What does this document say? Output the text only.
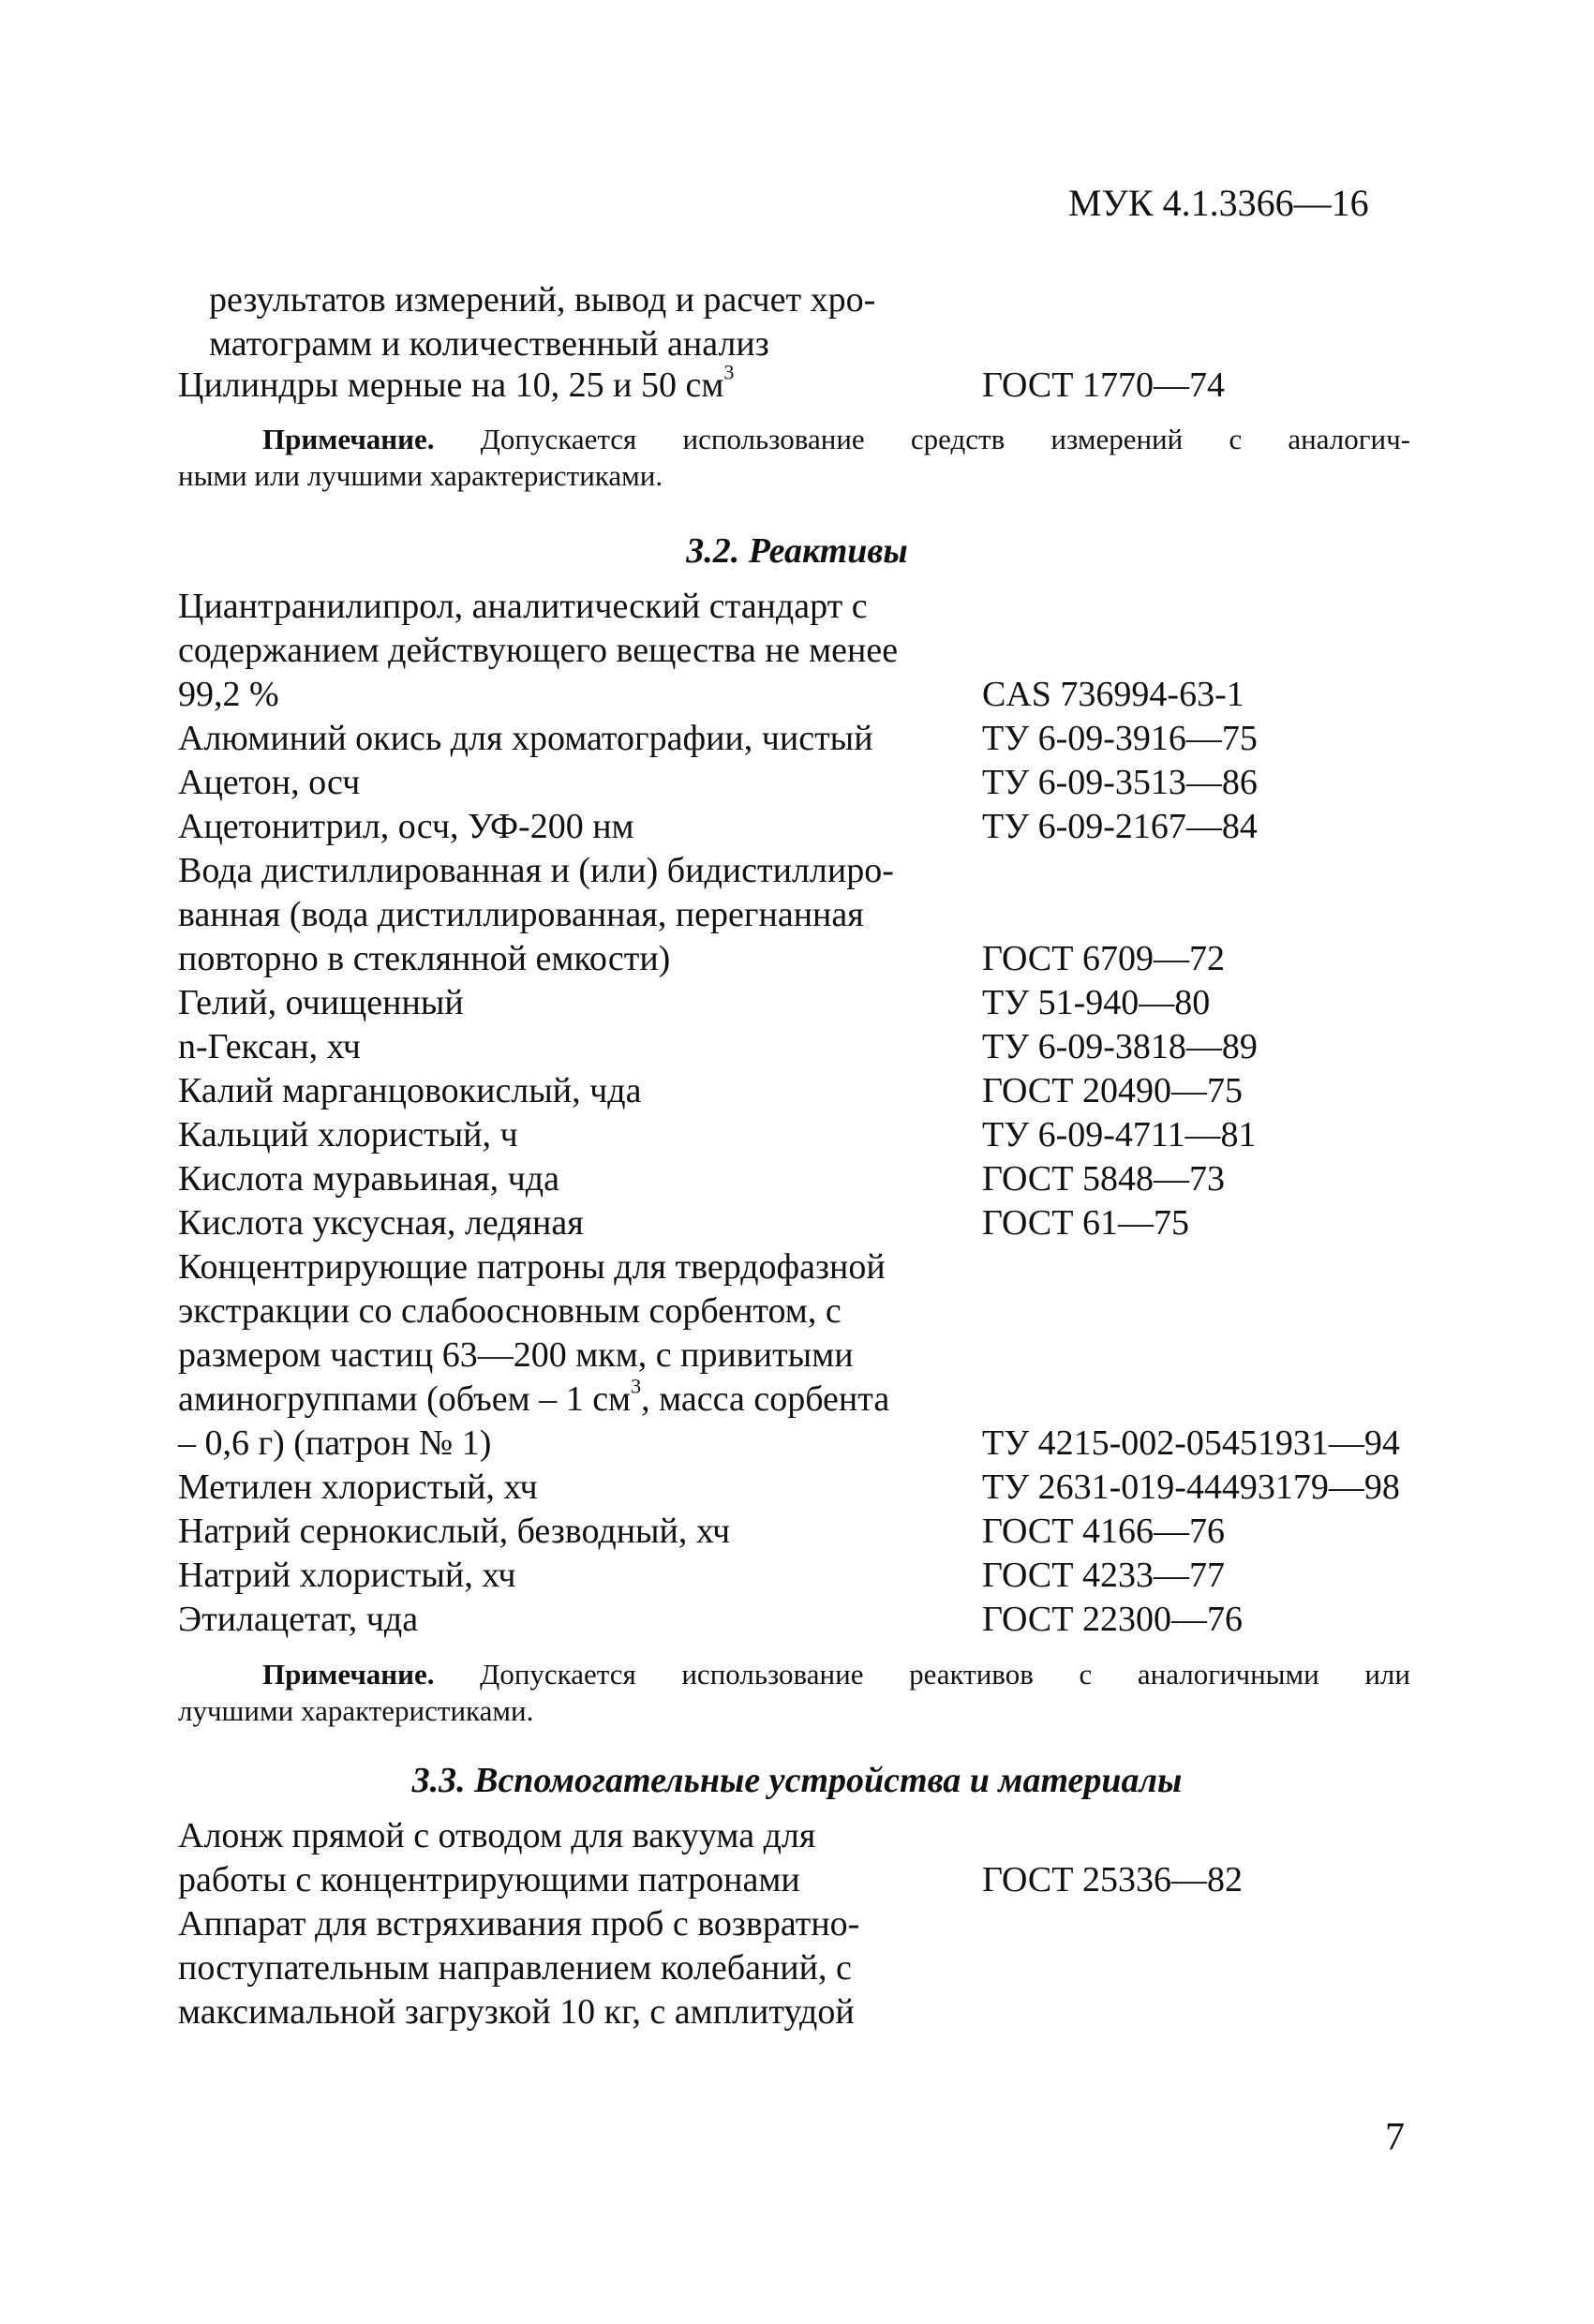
МУК 4.1.3366—16
результатов измерений, вывод и расчет хро-
матограмм и количественный анализ
Цилиндры мерные на 10, 25 и 50 $см^3$	ГОСТ 1770—74
Примечание. Допускается использование средств измерений с аналогич-
ными или лучшими характеристиками.
3.2. Реактивы
Циантранилипрол, аналитический стандарт с
содержанием действующего вещества не менее
99,2 %	CAS 736994-63-1
Алюминий окись для хроматографии, чистый	ТУ 6-09-3916—75
Ацетон, осч	ТУ 6-09-3513—86
Ацетонитрил, осч, УФ-200 нм	ТУ 6-09-2167—84
Вода дистиллированная и (или) бидистиллиро-
ванная (вода дистиллированная, перегнанная
повторно в стеклянной емкости)	ГОСТ 6709—72
Гелий, очищенный	ТУ 51-940—80
n-Гексан, хч	ТУ 6-09-3818—89
Калий марганцовокислый, чда	ГОСТ 20490—75
Кальций хлористый, ч	ТУ 6-09-4711—81
Кислота муравьиная, чда	ГОСТ 5848—73
Кислота уксусная, ледяная	ГОСТ 61—75
Концентрирующие патроны для твердофазной
экстракции со слабоосновным сорбентом, с
размером частиц 63—200 мкм, с привитыми
аминогруппами (объем – 1 $см^3$, масса сорбента
– 0,6 г) (патрон № 1)	ТУ 4215-002-05451931—94
Метилен хлористый, хч	ТУ 2631-019-44493179—98
Натрий сернокислый, безводный, хч	ГОСТ 4166—76
Натрий хлористый, хч	ГОСТ 4233—77
Этилацетат, чда	ГОСТ 22300—76
Примечание. Допускается использование реактивов с аналогичными или
лучшими характеристиками.
3.3. Вспомогательные устройства и материалы
Алонж прямой с отводом для вакуума для
работы с концентрирующими патронами	ГОСТ 25336—82
Аппарат для встряхивания проб с возвратно-
поступательным направлением колебаний, с
максимальной загрузкой 10 кг, с амплитудой
7
